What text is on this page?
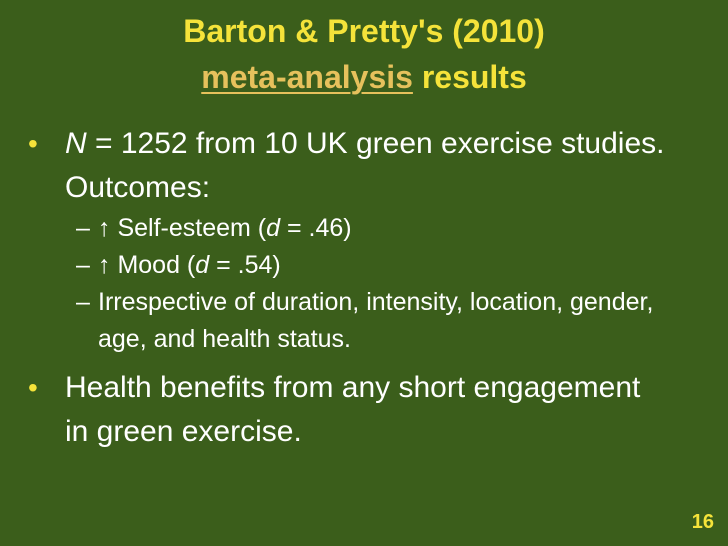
Barton & Pretty's (2010)
meta-analysis results
• N = 1252 from 10 UK green exercise studies. Outcomes:
– ↑ Self-esteem (d = .46)
– ↑ Mood (d = .54)
– Irrespective of duration, intensity, location, gender, age, and health status.
• Health benefits from any short engagement in green exercise.
16
